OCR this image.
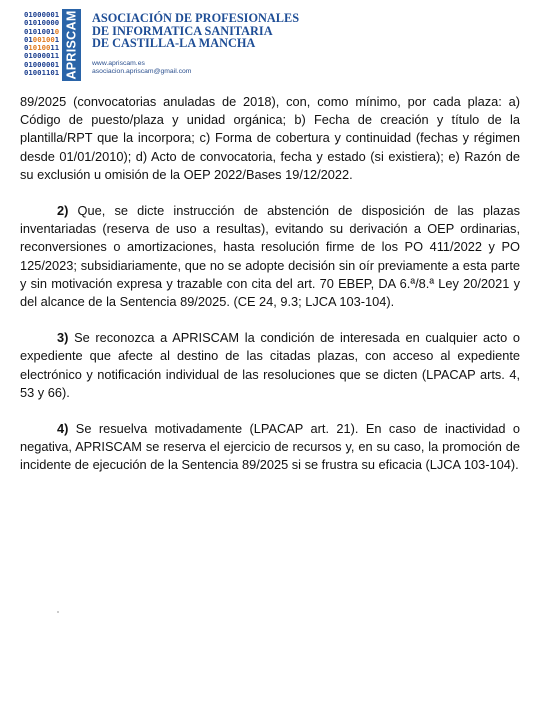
01000001
01010000
01010010
01001001
01010011
01000011
01000001
01001101 APRISCAM ASOCIACIÓN DE PROFESIONALES
DE INFORMATICA SANITARIA
DE CASTILLA-LA MANCHA
www.apriscam.es
asociacion.apriscam@gmail.com

89/2025 (convocatorias anuladas de 2018), con, como mínimo, por cada plaza: a) Código de puesto/plaza y unidad orgánica; b) Fecha de creación y título de la plantilla/RPT que la incorpora; c) Forma de cobertura y continuidad (fechas y régimen desde 01/01/2010); d) Acto de convocatoria, fecha y estado (si existiera); e) Razón de su exclusión u omisión de la OEP 2022/Bases 19/12/2022.

2) Que, se dicte instrucción de abstención de disposición de las plazas inventariadas (reserva de uso a resultas), evitando su derivación a OEP ordinarias, reconversiones o amortizaciones, hasta resolución firme de los PO 411/2022 y PO 125/2023; subsidiariamente, que no se adopte decisión sin oír previamente a esta parte y sin motivación expresa y trazable con cita del art. 70 EBEP, DA 6.ª/8.ª Ley 20/2021 y del alcance de la Sentencia 89/2025. (CE 24, 9.3; LJCA 103-104).

3) Se reconozca a APRISCAM la condición de interesada en cualquier acto o expediente que afecte al destino de las citadas plazas, con acceso al expediente electrónico y notificación individual de las resoluciones que se dicten (LPACAP arts. 4, 53 y 66).

4) Se resuelva motivadamente (LPACAP art. 21). En caso de inactividad o negativa, APRISCAM se reserva el ejercicio de recursos y, en su caso, la promoción de incidente de ejecución de la Sentencia 89/2025 si se frustra su eficacia (LJCA 103-104).
